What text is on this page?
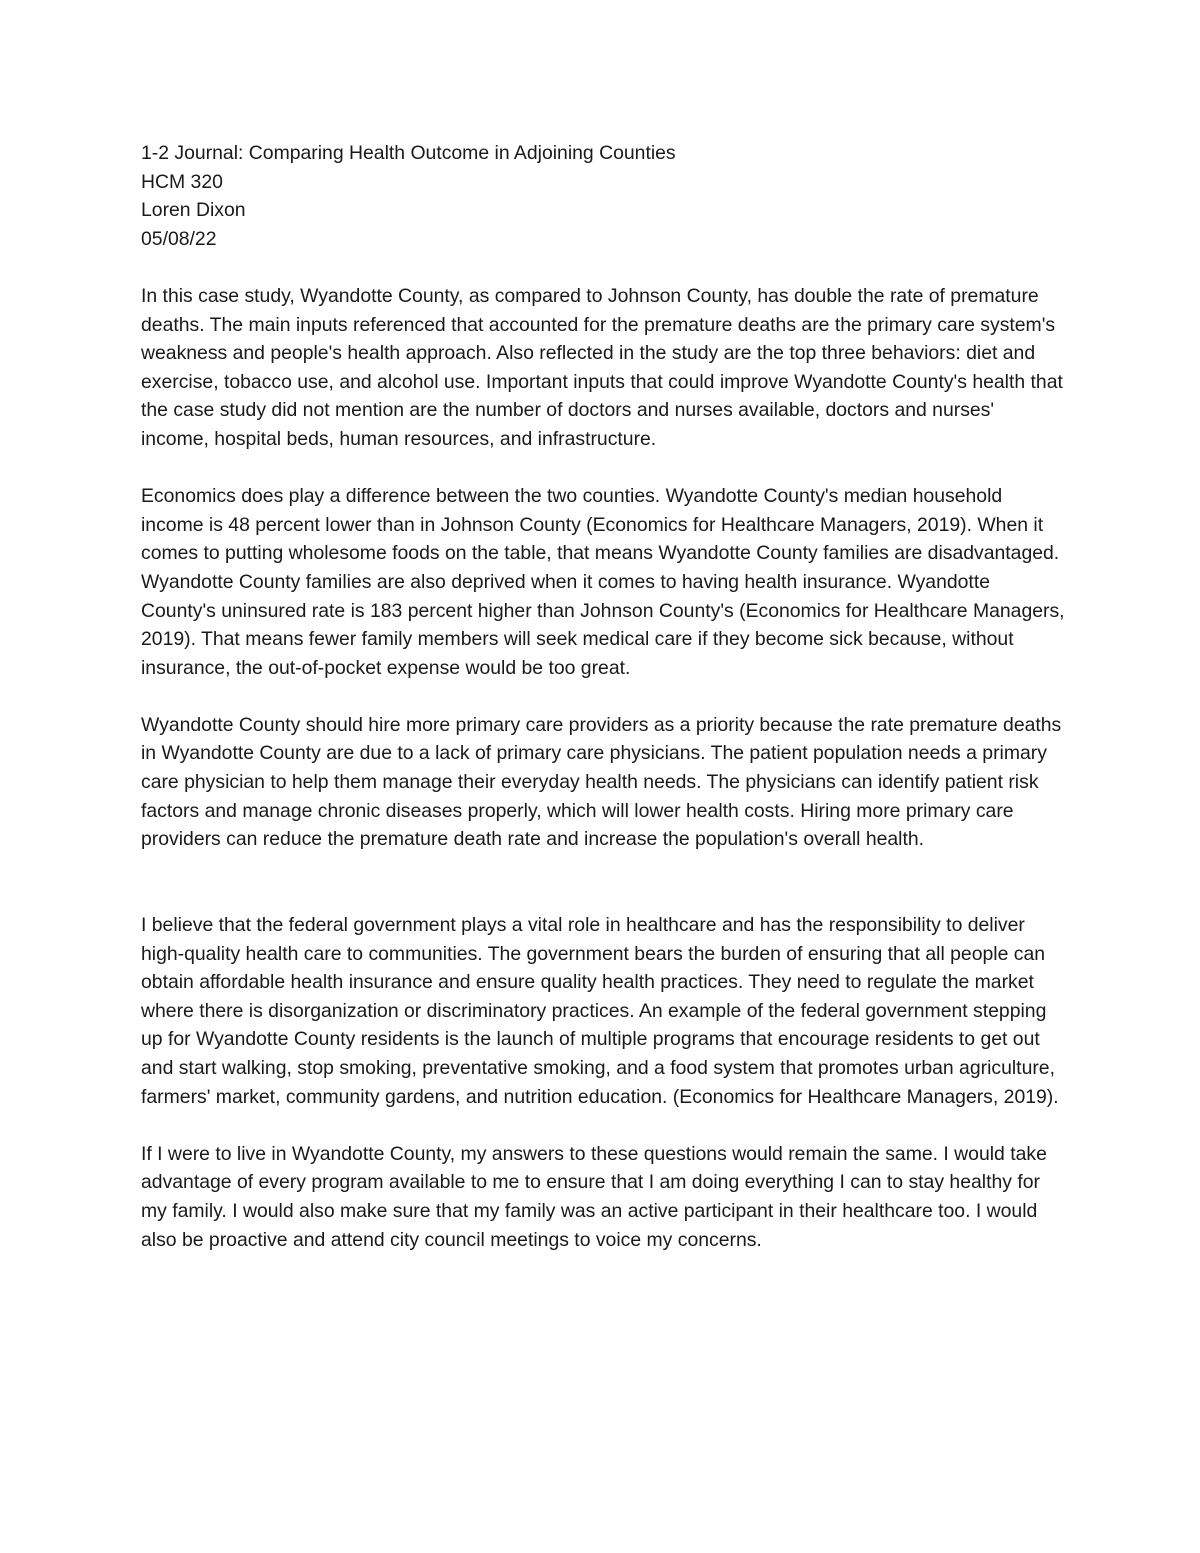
1-2 Journal: Comparing Health Outcome in Adjoining Counties
HCM 320
Loren Dixon
05/08/22

In this case study, Wyandotte County, as compared to Johnson County, has double the rate of premature deaths. The main inputs referenced that accounted for the premature deaths are the primary care system's weakness and people's health approach. Also reflected in the study are the top three behaviors: diet and exercise, tobacco use, and alcohol use. Important inputs that could improve Wyandotte County's health that the case study did not mention are the number of doctors and nurses available, doctors and nurses' income, hospital beds, human resources, and infrastructure.

Economics does play a difference between the two counties. Wyandotte County's median household income is 48 percent lower than in Johnson County (Economics for Healthcare Managers, 2019). When it comes to putting wholesome foods on the table, that means Wyandotte County families are disadvantaged. Wyandotte County families are also deprived when it comes to having health insurance. Wyandotte County's uninsured rate is 183 percent higher than Johnson County's (Economics for Healthcare Managers, 2019). That means fewer family members will seek medical care if they become sick because, without insurance, the out-of-pocket expense would be too great.

Wyandotte County should hire more primary care providers as a priority because the rate premature deaths in Wyandotte County are due to a lack of primary care physicians. The patient population needs a primary care physician to help them manage their everyday health needs. The physicians can identify patient risk factors and manage chronic diseases properly, which will lower health costs. Hiring more primary care providers can reduce the premature death rate and increase the population's overall health.

I believe that the federal government plays a vital role in healthcare and has the responsibility to deliver high-quality health care to communities. The government bears the burden of ensuring that all people can obtain affordable health insurance and ensure quality health practices. They need to regulate the market where there is disorganization or discriminatory practices. An example of the federal government stepping up for Wyandotte County residents is the launch of multiple programs that encourage residents to get out and start walking, stop smoking, preventative smoking, and a food system that promotes urban agriculture, farmers' market, community gardens, and nutrition education. (Economics for Healthcare Managers, 2019).

If I were to live in Wyandotte County, my answers to these questions would remain the same. I would take advantage of every program available to me to ensure that I am doing everything I can to stay healthy for my family. I would also make sure that my family was an active participant in their healthcare too. I would also be proactive and attend city council meetings to voice my concerns.
